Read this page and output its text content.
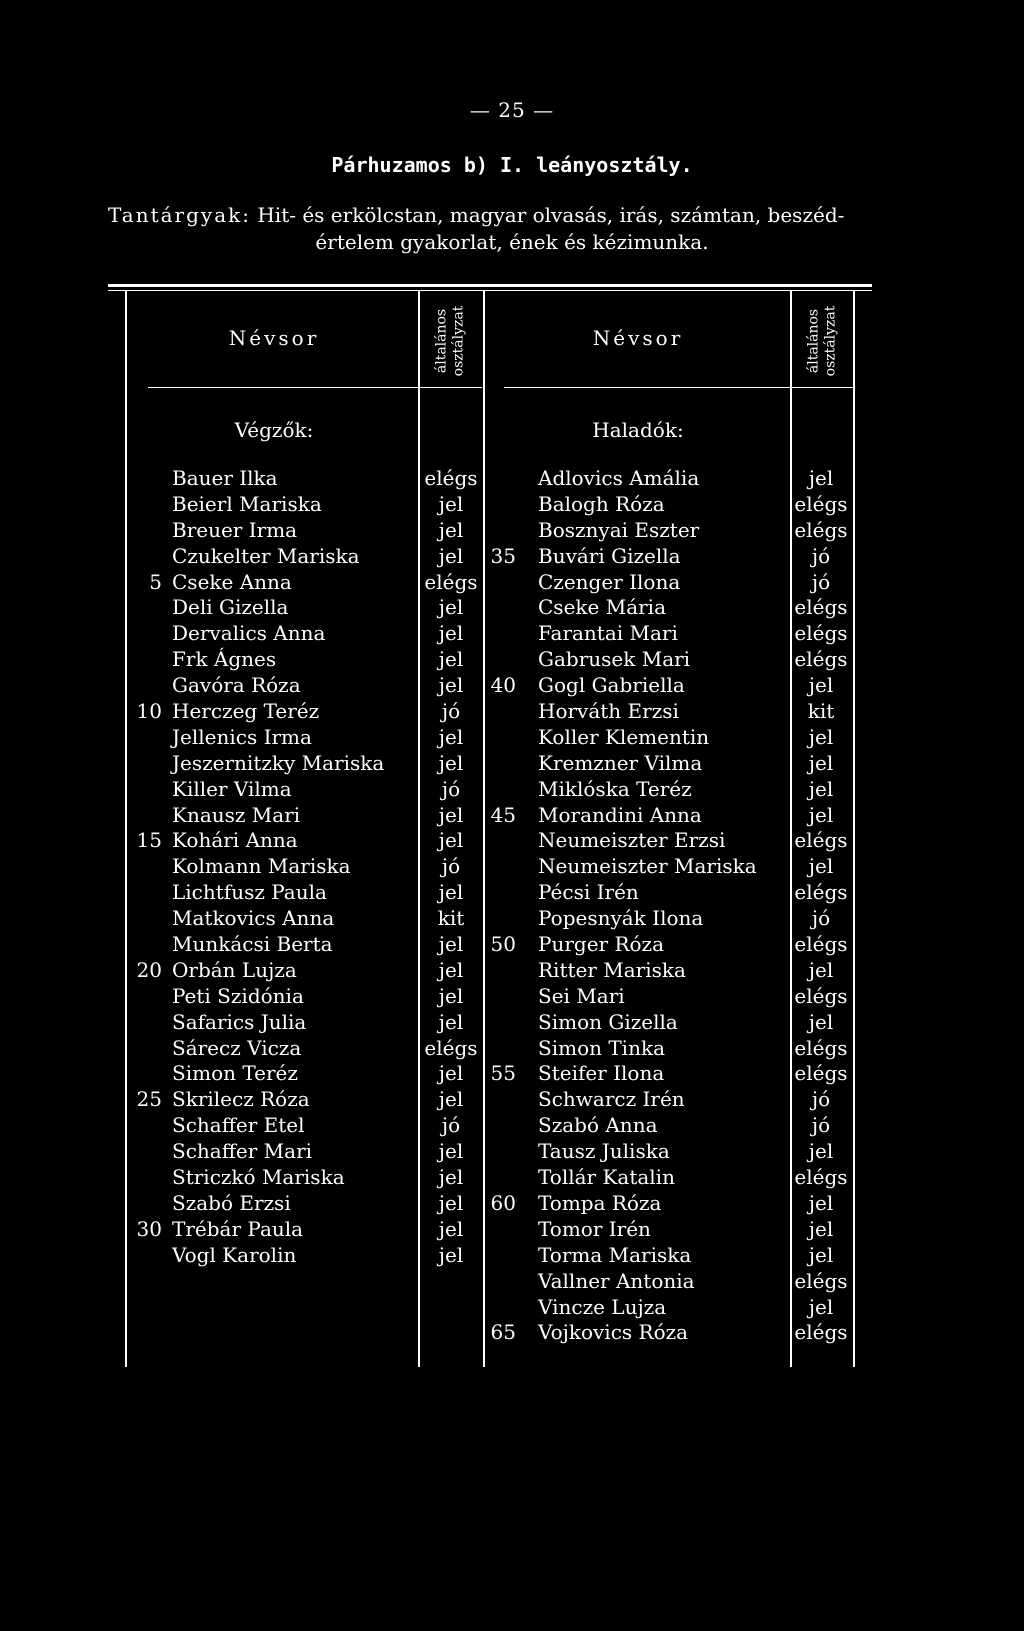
— 25 —
Párhuzamos b) I. leányosztály.
Tantárgyak: Hit- és erkölcstan, magyar olvasás, irás, számtan, beszéd-
értelem gyakorlat, ének és kézimunka.
Névsor	általános
osztályzat	Névsor	általános
osztályzat
Végzők:	Haladók:
Bauer Ilka	elégs
Beierl Mariska	jel
Breuer Irma	jel
Czukelter Mariska	jel
5 Cseke Anna	elégs
Deli Gizella	jel
Dervalics Anna	jel
Frk Ágnes	jel
Gavóra Róza	jel
10 Herczeg Teréz	jó
Jellenics Irma	jel
Jeszernitzky Mariska	jel
Killer Vilma	jó
Knausz Mari	jel
15 Kohári Anna	jel
Kolmann Mariska	jó
Lichtfusz Paula	jel
Matkovics Anna	kit
Munkácsi Berta	jel
20 Orbán Lujza	jel
Peti Szidónia	jel
Safarics Julia	jel
Sárecz Vicza	elégs
Simon Teréz	jel
25 Skrilecz Róza	jel
Schaffer Etel	jó
Schaffer Mari	jel
Striczkó Mariska	jel
Szabó Erzsi	jel
30 Trébár Paula	jel
Vogl Karolin	jel
Adlovics Amália	jel
Balogh Róza	elégs
Bosznyai Eszter	elégs
35 Buvári Gizella	jó
Czenger Ilona	jó
Cseke Mária	elégs
Farantai Mari	elégs
Gabrusek Mari	elégs
40 Gogl Gabriella	jel
Horváth Erzsi	kit
Koller Klementin	jel
Kremzner Vilma	jel
Miklóska Teréz	jel
45 Morandini Anna	jel
Neumeiszter Erzsi	elégs
Neumeiszter Mariska	jel
Pécsi Irén	elégs
Popesnyák Ilona	jó
50 Purger Róza	elégs
Ritter Mariska	jel
Sei Mari	elégs
Simon Gizella	jel
Simon Tinka	elégs
55 Steifer Ilona	elégs
Schwarcz Irén	jó
Szabó Anna	jó
Tausz Juliska	jel
Tollár Katalin	elégs
60 Tompa Róza	jel
Tomor Irén	jel
Torma Mariska	jel
Vallner Antonia	elégs
Vincze Lujza	jel
65 Vojkovics Róza	elégs
